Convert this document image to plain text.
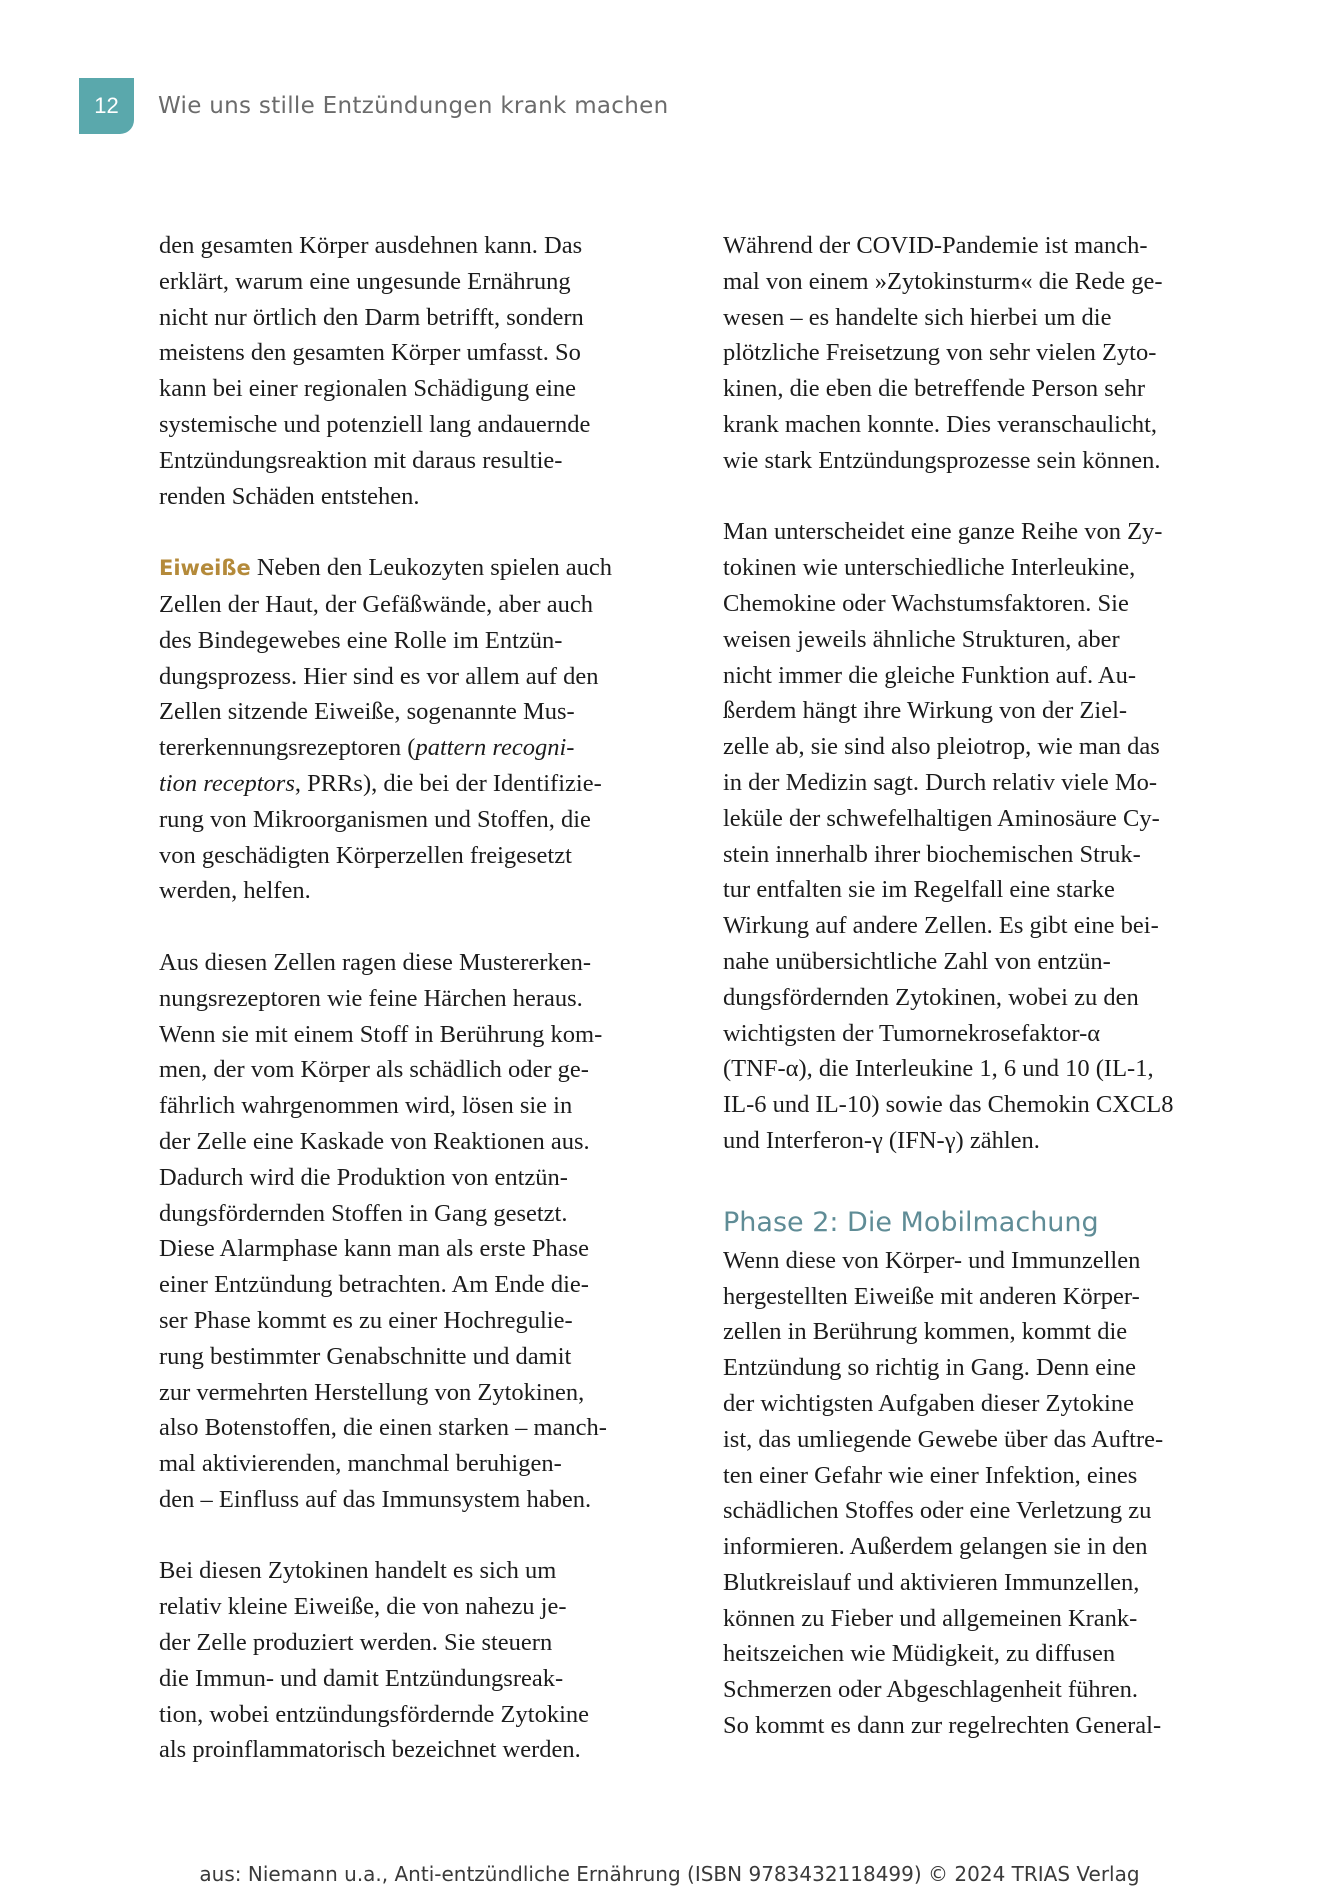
12	Wie uns stille Entzündungen krank machen

den gesamten Körper ausdehnen kann. Das
erklärt, warum eine ungesunde Ernährung
nicht nur örtlich den Darm betrifft, sondern
meistens den gesamten Körper umfasst. So
kann bei einer regionalen Schädigung eine
systemische und potenziell lang andauernde
Entzündungsreaktion mit daraus resultie-
renden Schäden entstehen.

Eiweiße Neben den Leukozyten spielen auch
Zellen der Haut, der Gefäßwände, aber auch
des Bindegewebes eine Rolle im Entzün-
dungsprozess. Hier sind es vor allem auf den
Zellen sitzende Eiweiße, sogenannte Mus-
tererkennungsrezeptoren (pattern recogni-
tion receptors, PRRs), die bei der Identifizie-
rung von Mikroorganismen und Stoffen, die
von geschädigten Körperzellen freigesetzt
werden, helfen.

Aus diesen Zellen ragen diese Mustererken-
nungsrezeptoren wie feine Härchen heraus.
Wenn sie mit einem Stoff in Berührung kom-
men, der vom Körper als schädlich oder ge-
fährlich wahrgenommen wird, lösen sie in
der Zelle eine Kaskade von Reaktionen aus.
Dadurch wird die Produktion von entzün-
dungsfördernden Stoffen in Gang gesetzt.
Diese Alarmphase kann man als erste Phase
einer Entzündung betrachten. Am Ende die-
ser Phase kommt es zu einer Hochregulie-
rung bestimmter Genabschnitte und damit
zur vermehrten Herstellung von Zytokinen,
also Botenstoffen, die einen starken – manch-
mal aktivierenden, manchmal beruhigen-
den – Einfluss auf das Immunsystem haben.

Bei diesen Zytokinen handelt es sich um
relativ kleine Eiweiße, die von nahezu je-
der Zelle produziert werden. Sie steuern
die Immun- und damit Entzündungsreak-
tion, wobei entzündungsfördernde Zytokine
als proinflammatorisch bezeichnet werden.

Während der COVID-Pandemie ist manch-
mal von einem »Zytokinsturm« die Rede ge-
wesen – es handelte sich hierbei um die
plötzliche Freisetzung von sehr vielen Zyto-
kinen, die eben die betreffende Person sehr
krank machen konnte. Dies veranschaulicht,
wie stark Entzündungsprozesse sein können.

Man unterscheidet eine ganze Reihe von Zy-
tokinen wie unterschiedliche Interleukine,
Chemokine oder Wachstumsfaktoren. Sie
weisen jeweils ähnliche Strukturen, aber
nicht immer die gleiche Funktion auf. Au-
ßerdem hängt ihre Wirkung von der Ziel-
zelle ab, sie sind also pleiotrop, wie man das
in der Medizin sagt. Durch relativ viele Mo-
leküle der schwefelhaltigen Aminosäure Cy-
stein innerhalb ihrer biochemischen Struk-
tur entfalten sie im Regelfall eine starke
Wirkung auf andere Zellen. Es gibt eine bei-
nahe unübersichtliche Zahl von entzün-
dungsfördernden Zytokinen, wobei zu den
wichtigsten der Tumornekrosefaktor-α
(TNF-α), die Interleukine 1, 6 und 10 (IL-1,
IL-6 und IL-10) sowie das Chemokin CXCL8
und Interferon-γ (IFN-γ) zählen.

Phase 2: Die Mobilmachung

Wenn diese von Körper- und Immunzellen
hergestellten Eiweiße mit anderen Körper-
zellen in Berührung kommen, kommt die
Entzündung so richtig in Gang. Denn eine
der wichtigsten Aufgaben dieser Zytokine
ist, das umliegende Gewebe über das Auftre-
ten einer Gefahr wie einer Infektion, eines
schädlichen Stoffes oder eine Verletzung zu
informieren. Außerdem gelangen sie in den
Blutkreislauf und aktivieren Immunzellen,
können zu Fieber und allgemeinen Krank-
heitszeichen wie Müdigkeit, zu diffusen
Schmerzen oder Abgeschlagenheit führen.
So kommt es dann zur regelrechten General-

aus: Niemann u.a., Anti-entzündliche Ernährung (ISBN 9783432118499) © 2024 TRIAS Verlag
